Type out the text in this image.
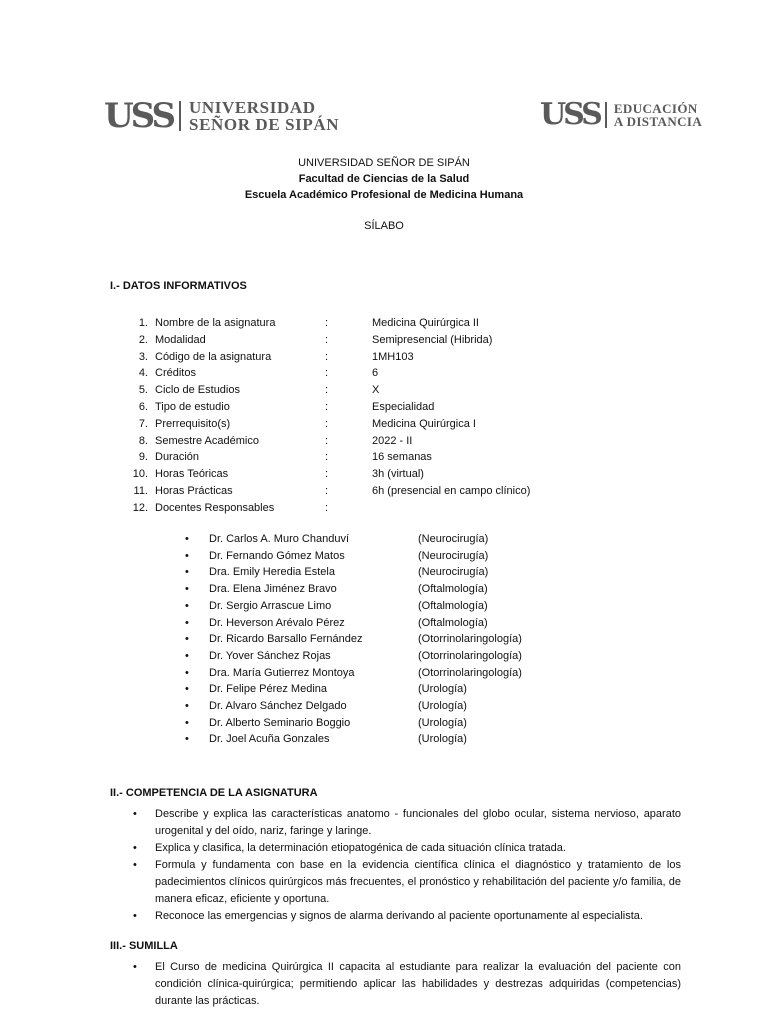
USS UNIVERSIDAD
SEÑOR DE SIPÁN	USS EDUCACIÓN
A DISTANCIA
UNIVERSIDAD SEÑOR DE SIPÁN
Facultad de Ciencias de la Salud
Escuela Académico Profesional de Medicina Humana
SÍLABO
I.- DATOS INFORMATIVOS
1. Nombre de la asignatura	:	Medicina Quirúrgica II
2. Modalidad	:	Semipresencial (Hibrida)
3. Código de la asignatura	:	1MH103
4. Créditos	:	6
5. Ciclo de Estudios	:	X
6. Tipo de estudio	:	Especialidad
7. Prerrequisito(s)	:	Medicina Quirúrgica I
8. Semestre Académico	:	2022 - II
9. Duración	:	16 semanas
10. Horas Teóricas	:	3h (virtual)
11. Horas Prácticas	:	6h (presencial en campo clínico)
12. Docentes Responsables	:
• Dr. Carlos A. Muro Chanduví	(Neurocirugía)
• Dr. Fernando Gómez Matos	(Neurocirugía)
• Dra. Emily Heredia Estela	(Neurocirugía)
• Dra. Elena Jiménez Bravo	(Oftalmología)
• Dr. Sergio Arrascue Limo	(Oftalmología)
• Dr. Heverson Arévalo Pérez	(Oftalmología)
• Dr. Ricardo Barsallo Fernández	(Otorrinolaringología)
• Dr. Yover Sánchez Rojas	(Otorrinolaringología)
• Dra. María Gutierrez Montoya	(Otorrinolaringología)
• Dr. Felipe Pérez Medina	(Urología)
• Dr. Alvaro Sánchez Delgado	(Urología)
• Dr. Alberto Seminario Boggio	(Urología)
• Dr. Joel Acuña Gonzales	(Urología)
II.- COMPETENCIA DE LA ASIGNATURA
• Describe y explica las características anatomo - funcionales del globo ocular, sistema nervioso, aparato urogenital y del oído, nariz, faringe y laringe.
• Explica y clasifica, la determinación etiopatogénica de cada situación clínica tratada.
• Formula y fundamenta con base en la evidencia científica clínica el diagnóstico y tratamiento de los padecimientos clínicos quirúrgicos más frecuentes, el pronóstico y rehabilitación del paciente y/o familia, de manera eficaz, eficiente y oportuna.
• Reconoce las emergencias y signos de alarma derivando al paciente oportunamente al especialista.
III.- SUMILLA
• El Curso de medicina Quirúrgica II capacita al estudiante para realizar la evaluación del paciente con condición clínica-quirúrgica; permitiendo aplicar las habilidades y destrezas adquiridas (competencias) durante las prácticas.
